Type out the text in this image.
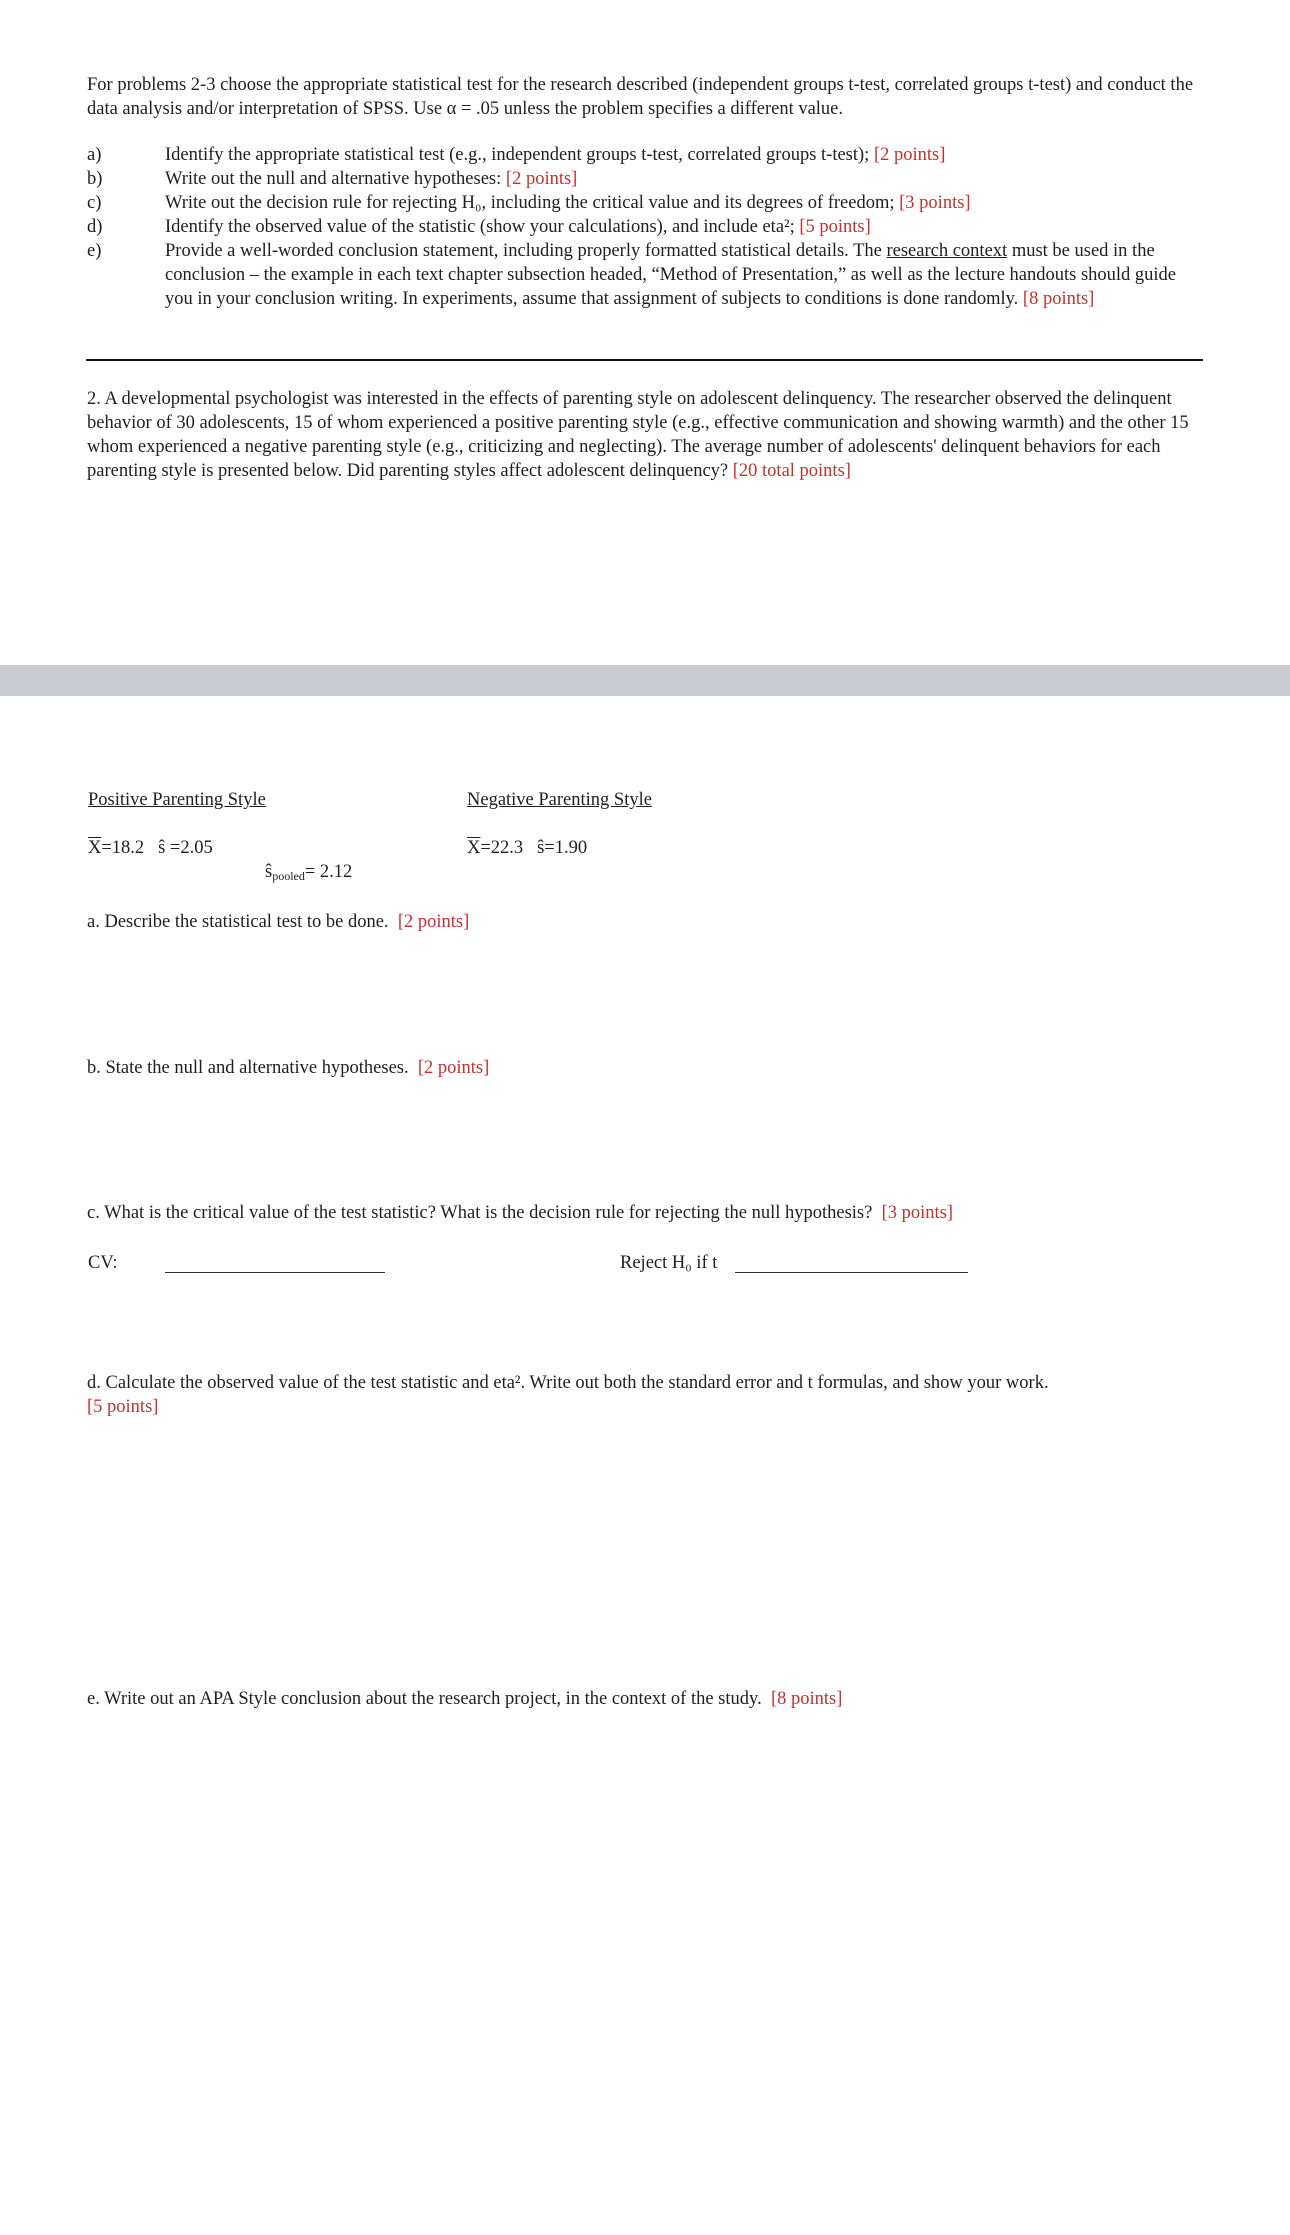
For problems 2-3 choose the appropriate statistical test for the research described (independent groups t-test, correlated groups t-test) and conduct the data analysis and/or interpretation of SPSS. Use α = .05 unless the problem specifies a different value.

a)	Identify the appropriate statistical test (e.g., independent groups t-test, correlated groups t-test); [2 points]
b)	Write out the null and alternative hypotheses: [2 points]
c)	Write out the decision rule for rejecting H₀, including the critical value and its degrees of freedom; [3 points]
d)	Identify the observed value of the statistic (show your calculations), and include eta²; [5 points]
e)	Provide a well-worded conclusion statement, including properly formatted statistical details. The research context must be used in the conclusion – the example in each text chapter subsection headed, “Method of Presentation,” as well as the lecture handouts should guide you in your conclusion writing. In experiments, assume that assignment of subjects to conditions is done randomly. [8 points]

2. A developmental psychologist was interested in the effects of parenting style on adolescent delinquency. The researcher observed the delinquent behavior of 30 adolescents, 15 of whom experienced a positive parenting style (e.g., effective communication and showing warmth) and the other 15 whom experienced a negative parenting style (e.g., criticizing and neglecting). The average number of adolescents' delinquent behaviors for each parenting style is presented below. Did parenting styles affect adolescent delinquency? [20 total points]

Positive Parenting Style	Negative Parenting Style
$\overline{X}=18.2$ ŝ =2.05	$\overline{X}=22.3$ ŝ=1.90
$ŝ_{pooled}= 2.12$
a. Describe the statistical test to be done. [2 points]
b. State the null and alternative hypotheses. [2 points]
c. What is the critical value of the test statistic? What is the decision rule for rejecting the null hypothesis? [3 points]
CV:	Reject H₀ if t
d. Calculate the observed value of the test statistic and eta². Write out both the standard error and t formulas, and show your work.
[5 points]
e. Write out an APA Style conclusion about the research project, in the context of the study. [8 points]
